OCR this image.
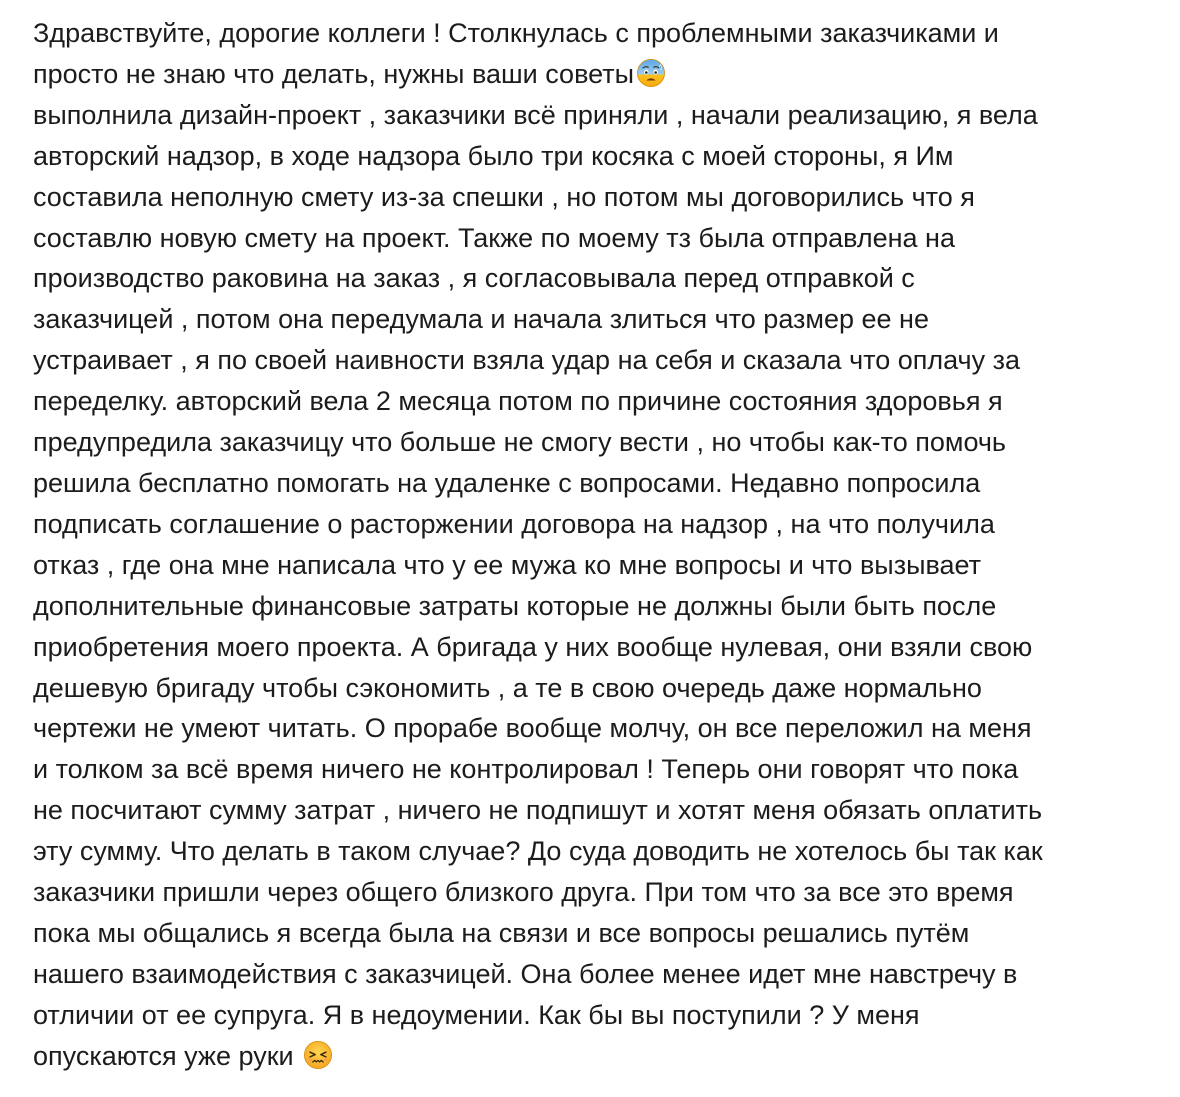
Здравствуйте, дорогие коллеги ! Столкнулась с проблемными заказчиками и
просто не знаю что делать, нужны ваши советы
выполнила дизайн-проект , заказчики всё приняли , начали реализацию, я вела
авторский надзор, в ходе надзора было три косяка с моей стороны, я Им
составила неполную смету из-за спешки , но потом мы договорились что я
составлю новую смету на проект. Также по моему тз была отправлена на
производство раковина на заказ , я согласовывала перед отправкой с
заказчицей , потом она передумала и начала злиться что размер ее не
устраивает , я по своей наивности взяла удар на себя и сказала что оплачу за
переделку. авторский вела 2 месяца потом по причине состояния здоровья я
предупредила заказчицу что больше не смогу вести , но чтобы как-то помочь
решила бесплатно помогать на удаленке с вопросами. Недавно попросила
подписать соглашение о расторжении договора на надзор , на что получила
отказ , где она мне написала что у ее мужа ко мне вопросы и что вызывает
дополнительные финансовые затраты которые не должны были быть после
приобретения моего проекта. А бригада у них вообще нулевая, они взяли свою
дешевую бригаду чтобы сэкономить , а те в свою очередь даже нормально
чертежи не умеют читать. О прорабе вообще молчу, он все переложил на меня
и толком за всё время ничего не контролировал ! Теперь они говорят что пока
не посчитают сумму затрат , ничего не подпишут и хотят меня обязать оплатить
эту сумму. Что делать в таком случае? До суда доводить не хотелось бы так как
заказчики пришли через общего близкого друга. При том что за все это время
пока мы общались я всегда была на связи и все вопросы решались путём
нашего взаимодействия с заказчицей. Она более менее идет мне навстречу в
отличии от ее супруга. Я в недоумении. Как бы вы поступили ? У меня
опускаются уже руки
